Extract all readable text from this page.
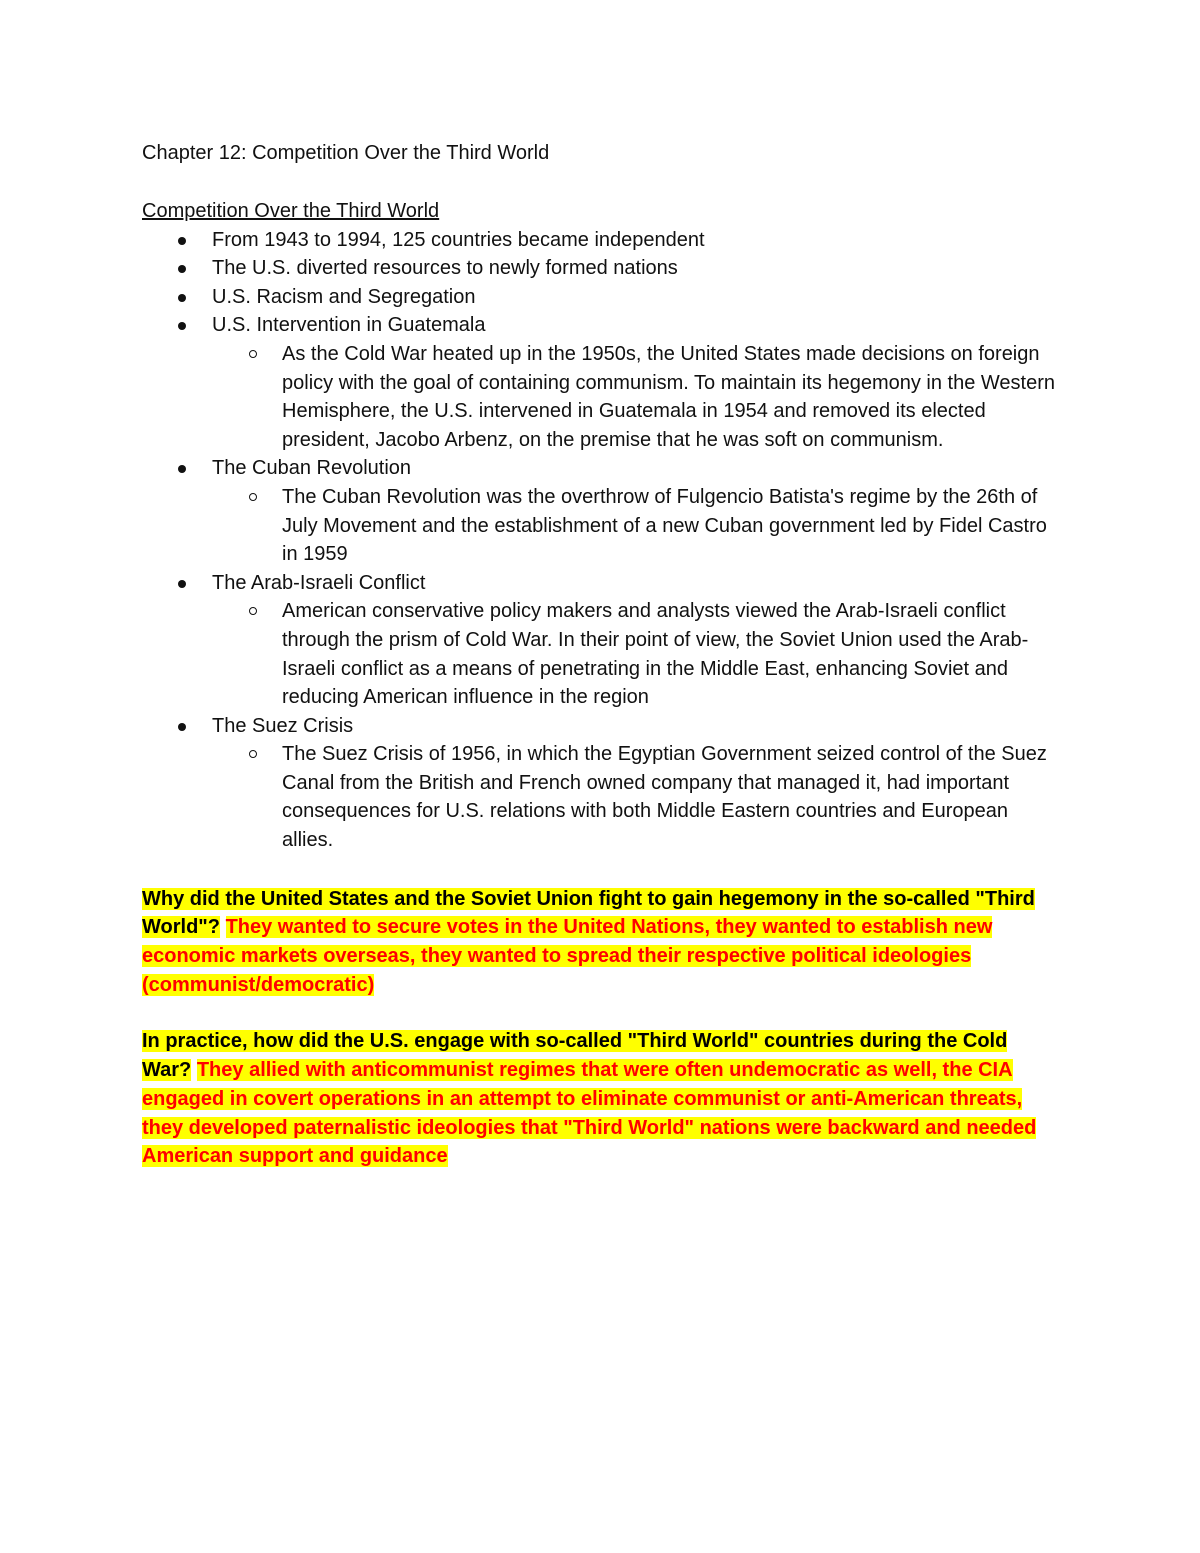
Chapter 12: Competition Over the Third World

Competition Over the Third World

From 1943 to 1994, 125 countries became independent
The U.S. diverted resources to newly formed nations
U.S. Racism and Segregation
U.S. Intervention in Guatemala
As the Cold War heated up in the 1950s, the United States made decisions on foreign policy with the goal of containing communism. To maintain its hegemony in the Western Hemisphere, the U.S. intervened in Guatemala in 1954 and removed its elected president, Jacobo Arbenz, on the premise that he was soft on communism.
The Cuban Revolution
The Cuban Revolution was the overthrow of Fulgencio Batista's regime by the 26th of July Movement and the establishment of a new Cuban government led by Fidel Castro in 1959
The Arab-Israeli Conflict
American conservative policy makers and analysts viewed the Arab-Israeli conflict through the prism of Cold War. In their point of view, the Soviet Union used the Arab-Israeli conflict as a means of penetrating in the Middle East, enhancing Soviet and reducing American influence in the region
The Suez Crisis
The Suez Crisis of 1956, in which the Egyptian Government seized control of the Suez Canal from the British and French owned company that managed it, had important consequences for U.S. relations with both Middle Eastern countries and European allies.

Why did the United States and the Soviet Union fight to gain hegemony in the so-called "Third World"? They wanted to secure votes in the United Nations, they wanted to establish new economic markets overseas, they wanted to spread their respective political ideologies (communist/democratic)

In practice, how did the U.S. engage with so-called "Third World" countries during the Cold War? They allied with anticommunist regimes that were often undemocratic as well, the CIA engaged in covert operations in an attempt to eliminate communist or anti-American threats, they developed paternalistic ideologies that "Third World" nations were backward and needed American support and guidance
